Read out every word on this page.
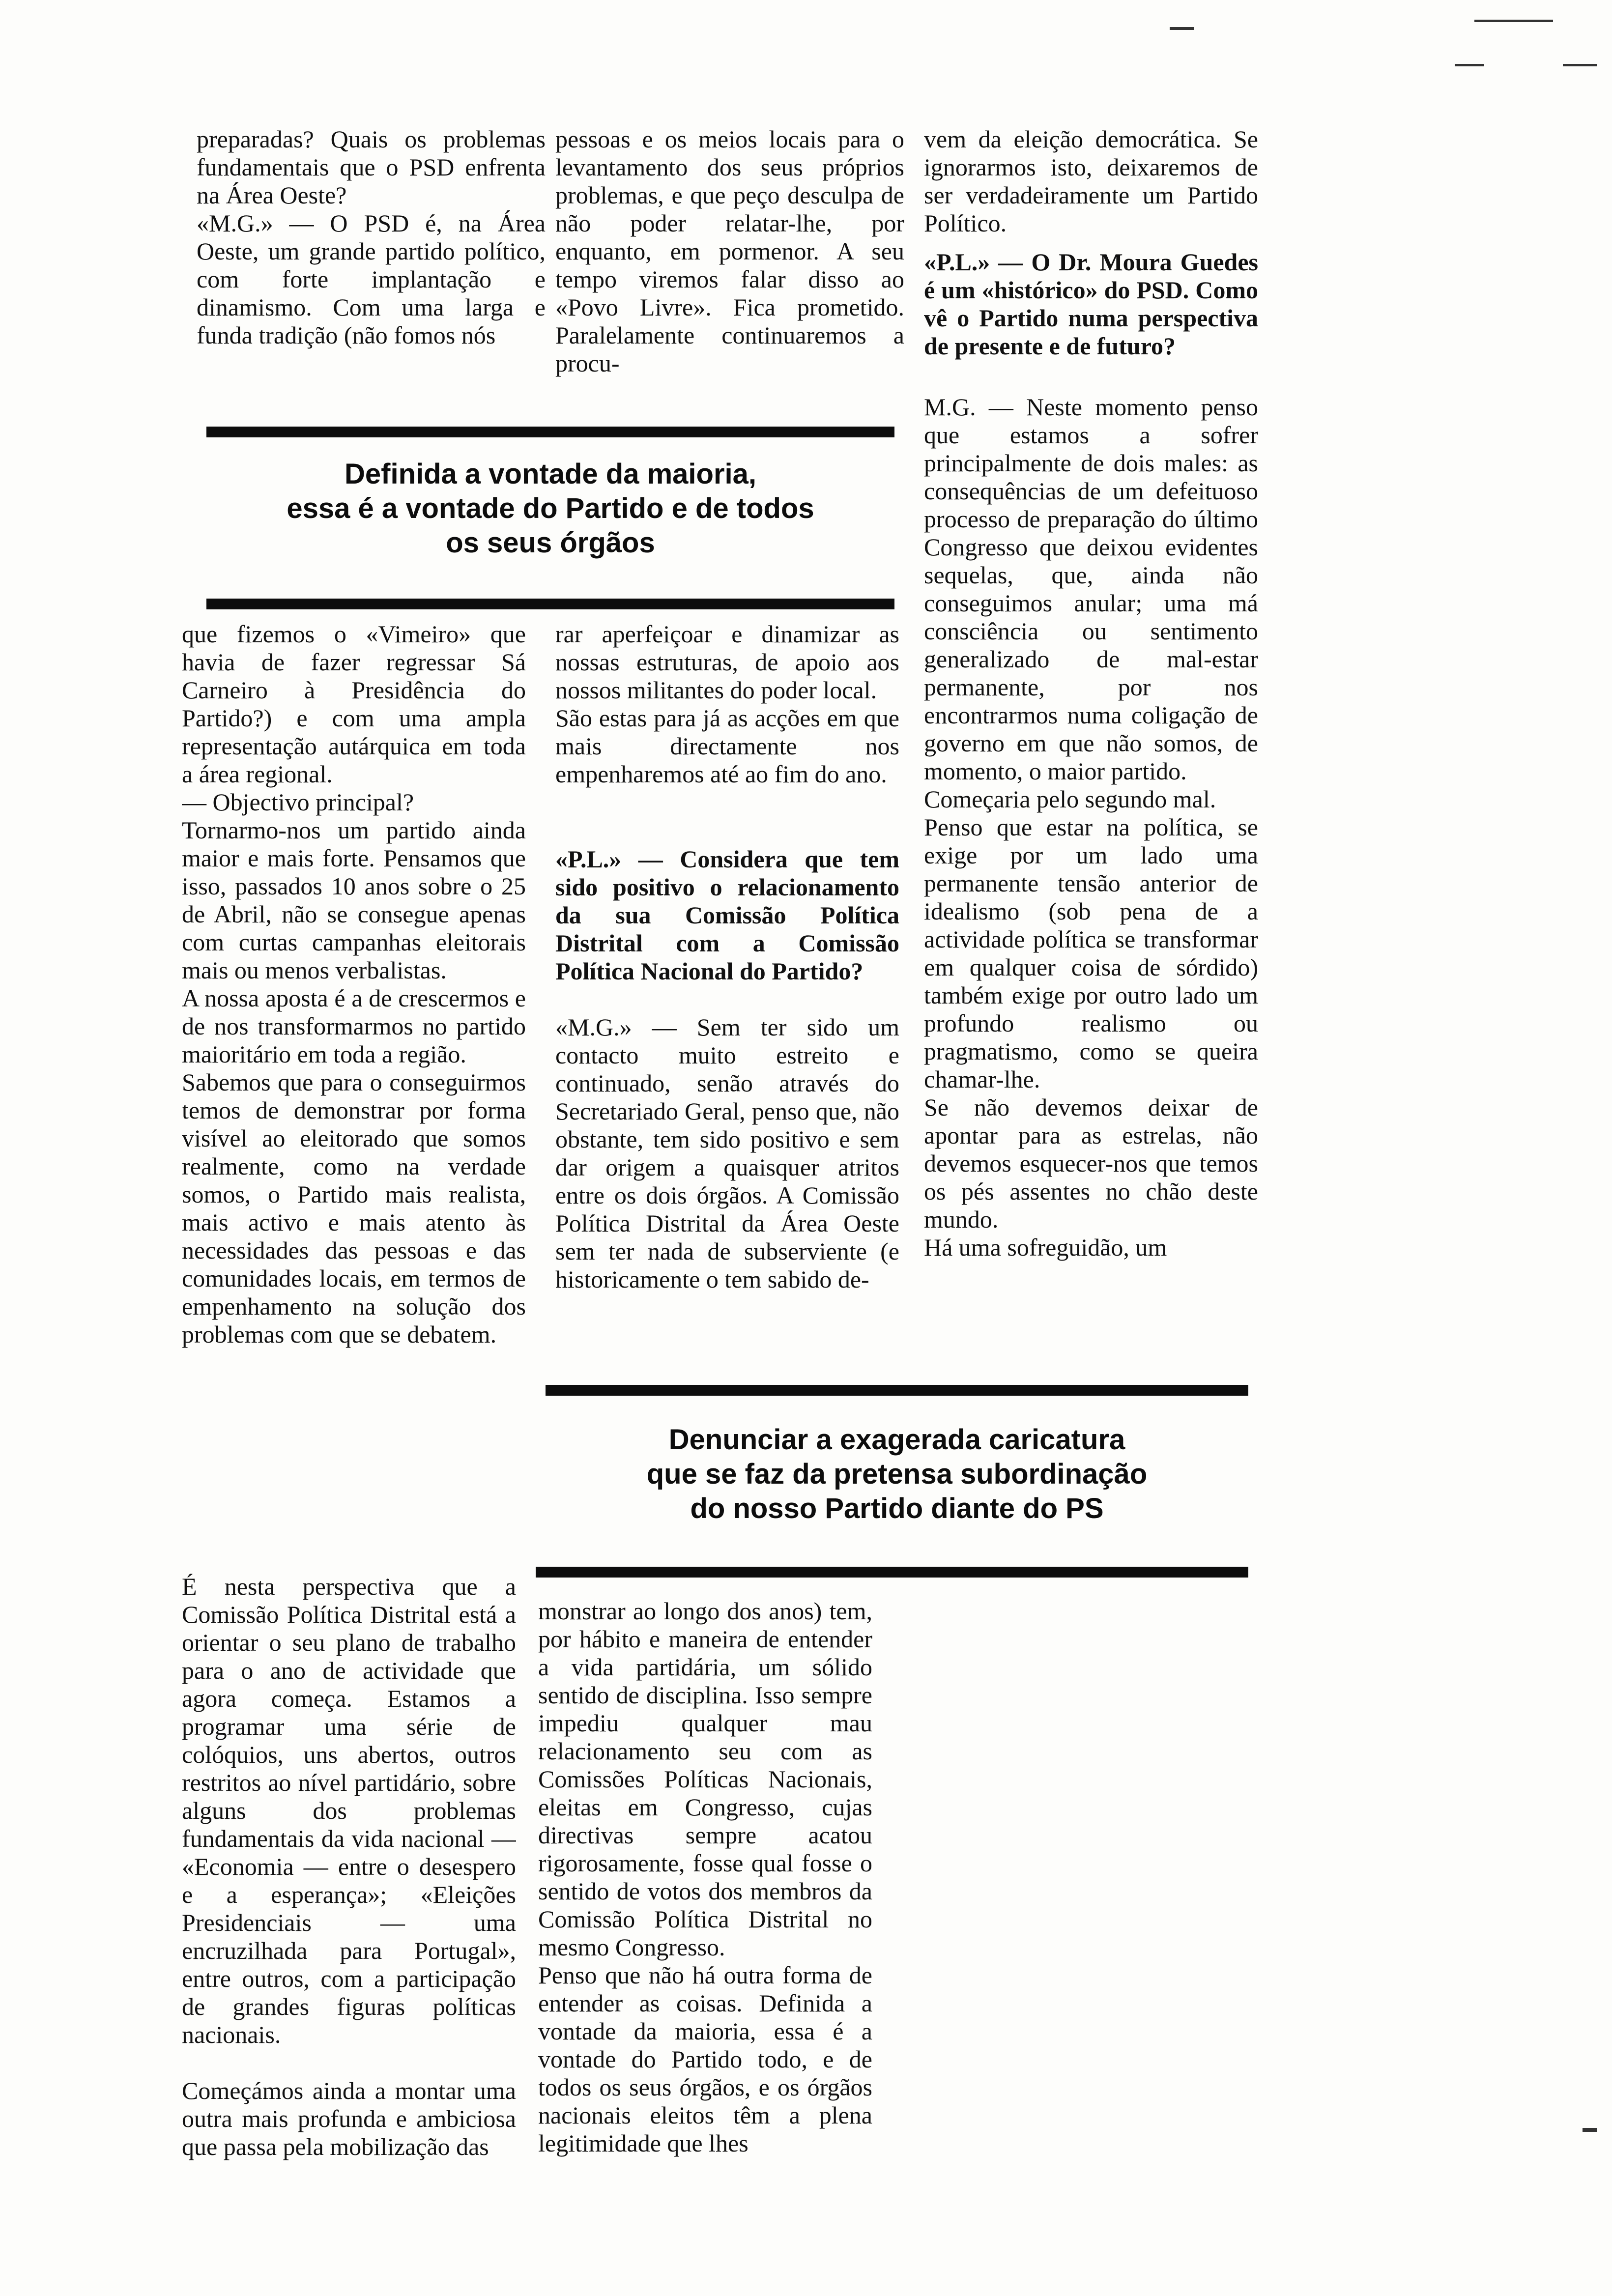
preparadas? Quais os problemas fundamentais que o PSD enfrenta na Área Oeste?
«M.G.» — O PSD é, na Área Oeste, um grande partido político, com forte implantação e dinamismo. Com uma larga e funda tradição (não fomos nós
pessoas e os meios locais para o levantamento dos seus próprios problemas, e que peço desculpa de não poder relatar-lhe, por enquanto, em pormenor. A seu tempo viremos falar disso ao «Povo Livre». Fica prometido. Paralelamente continuaremos a procu-
Definida a vontade da maioria,
essa é a vontade do Partido e de todos
os seus órgãos
que fizemos o «Vimeiro» que havia de fazer regressar Sá Carneiro à Presidência do Partido?) e com uma ampla representação autárquica em toda a área regional.
— Objectivo principal?
Tornarmo-nos um partido ainda maior e mais forte. Pensamos que isso, passados 10 anos sobre o 25 de Abril, não se consegue apenas com curtas campanhas eleitorais mais ou menos verbalistas.
A nossa aposta é a de crescermos e de nos transformarmos no partido maioritário em toda a região.
Sabemos que para o conseguirmos temos de demonstrar por forma visível ao eleitorado que somos realmente, como na verdade somos, o Partido mais realista, mais activo e mais atento às necessidades das pessoas e das comunidades locais, em termos de empenhamento na solução dos problemas com que se debatem.
rar aperfeiçoar e dinamizar as nossas estruturas, de apoio aos nossos militantes do poder local.
São estas para já as acções em que mais directamente nos empenharemos até ao fim do ano.
«P.L.» — Considera que tem sido positivo o relacionamento da sua Comissão Política Distrital com a Comissão Política Nacional do Partido?
«M.G.» — Sem ter sido um contacto muito estreito e continuado, senão através do Secretariado Geral, penso que, não obstante, tem sido positivo e sem dar origem a quaisquer atritos entre os dois órgãos. A Comissão Política Distrital da Área Oeste sem ter nada de subserviente (e historicamente o tem sabido de-
vem da eleição democrática. Se ignorarmos isto, deixaremos de ser verdadeiramente um Partido Político.
«P.L.» — O Dr. Moura Guedes é um «histórico» do PSD. Como vê o Partido numa perspectiva de presente e de futuro?
M.G. — Neste momento penso que estamos a sofrer principalmente de dois males: as consequências de um defeituoso processo de preparação do último Congresso que deixou evidentes sequelas, que, ainda não conseguimos anular; uma má consciência ou sentimento generalizado de mal-estar permanente, por nos encontrarmos numa coligação de governo em que não somos, de momento, o maior partido.
Começaria pelo segundo mal.
Penso que estar na política, se exige por um lado uma permanente tensão anterior de idealismo (sob pena de a actividade política se transformar em qualquer coisa de sórdido) também exige por outro lado um profundo realismo ou pragmatismo, como se queira chamar-lhe.
Se não devemos deixar de apontar para as estrelas, não devemos esquecer-nos que temos os pés assentes no chão deste mundo.
Há uma sofreguidão, um
Denunciar a exagerada caricatura
que se faz da pretensa subordinação
do nosso Partido diante do PS
É nesta perspectiva que a Comissão Política Distrital está a orientar o seu plano de trabalho para o ano de actividade que agora começa. Estamos a programar uma série de colóquios, uns abertos, outros restritos ao nível partidário, sobre alguns dos problemas fundamentais da vida nacional — «Economia — entre o desespero e a esperança»; «Eleições Presidenciais — uma encruzilhada para Portugal», entre outros, com a participação de grandes figuras políticas nacionais.

Começámos ainda a montar uma outra mais profunda e ambiciosa que passa pela mobilização das
monstrar ao longo dos anos) tem, por hábito e maneira de entender a vida partidária, um sólido sentido de disciplina. Isso sempre impediu qualquer mau relacionamento seu com as Comissões Políticas Nacionais, eleitas em Congresso, cujas directivas sempre acatou rigorosamente, fosse qual fosse o sentido de votos dos membros da Comissão Política Distrital no mesmo Congresso.
Penso que não há outra forma de entender as coisas. Definida a vontade da maioria, essa é a vontade do Partido todo, e de todos os seus órgãos, e os órgãos nacionais eleitos têm a plena legitimidade que lhes
